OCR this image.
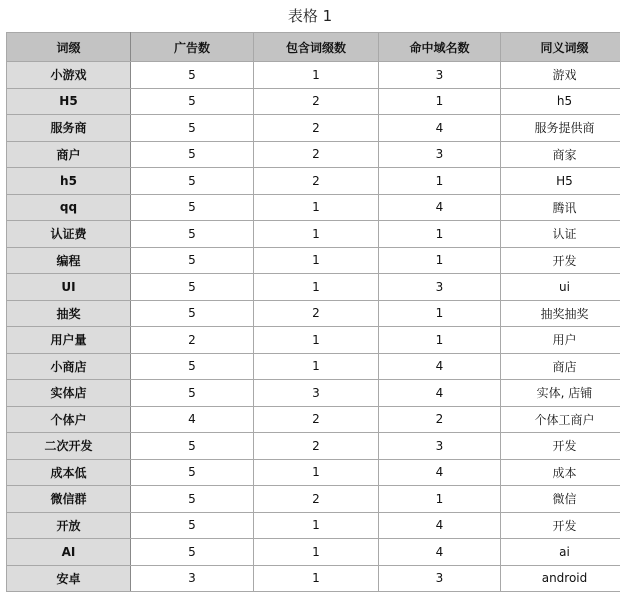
表格 1
词缀	广告数	包含词缀数	命中域名数	同义词缀
小游戏	5	1	3	游戏
H5	5	2	1	h5
服务商	5	2	4	服务提供商
商户	5	2	3	商家
h5	5	2	1	H5
qq	5	1	4	腾讯
认证费	5	1	1	认证
编程	5	1	1	开发
UI	5	1	3	ui
抽奖	5	2	1	抽奖抽奖
用户量	2	1	1	用户
小商店	5	1	4	商店
实体店	5	3	4	实体, 店铺
个体户	4	2	2	个体工商户
二次开发	5	2	3	开发
成本低	5	1	4	成本
微信群	5	2	1	微信
开放	5	1	4	开发
AI	5	1	4	ai
安卓	3	1	3	android
